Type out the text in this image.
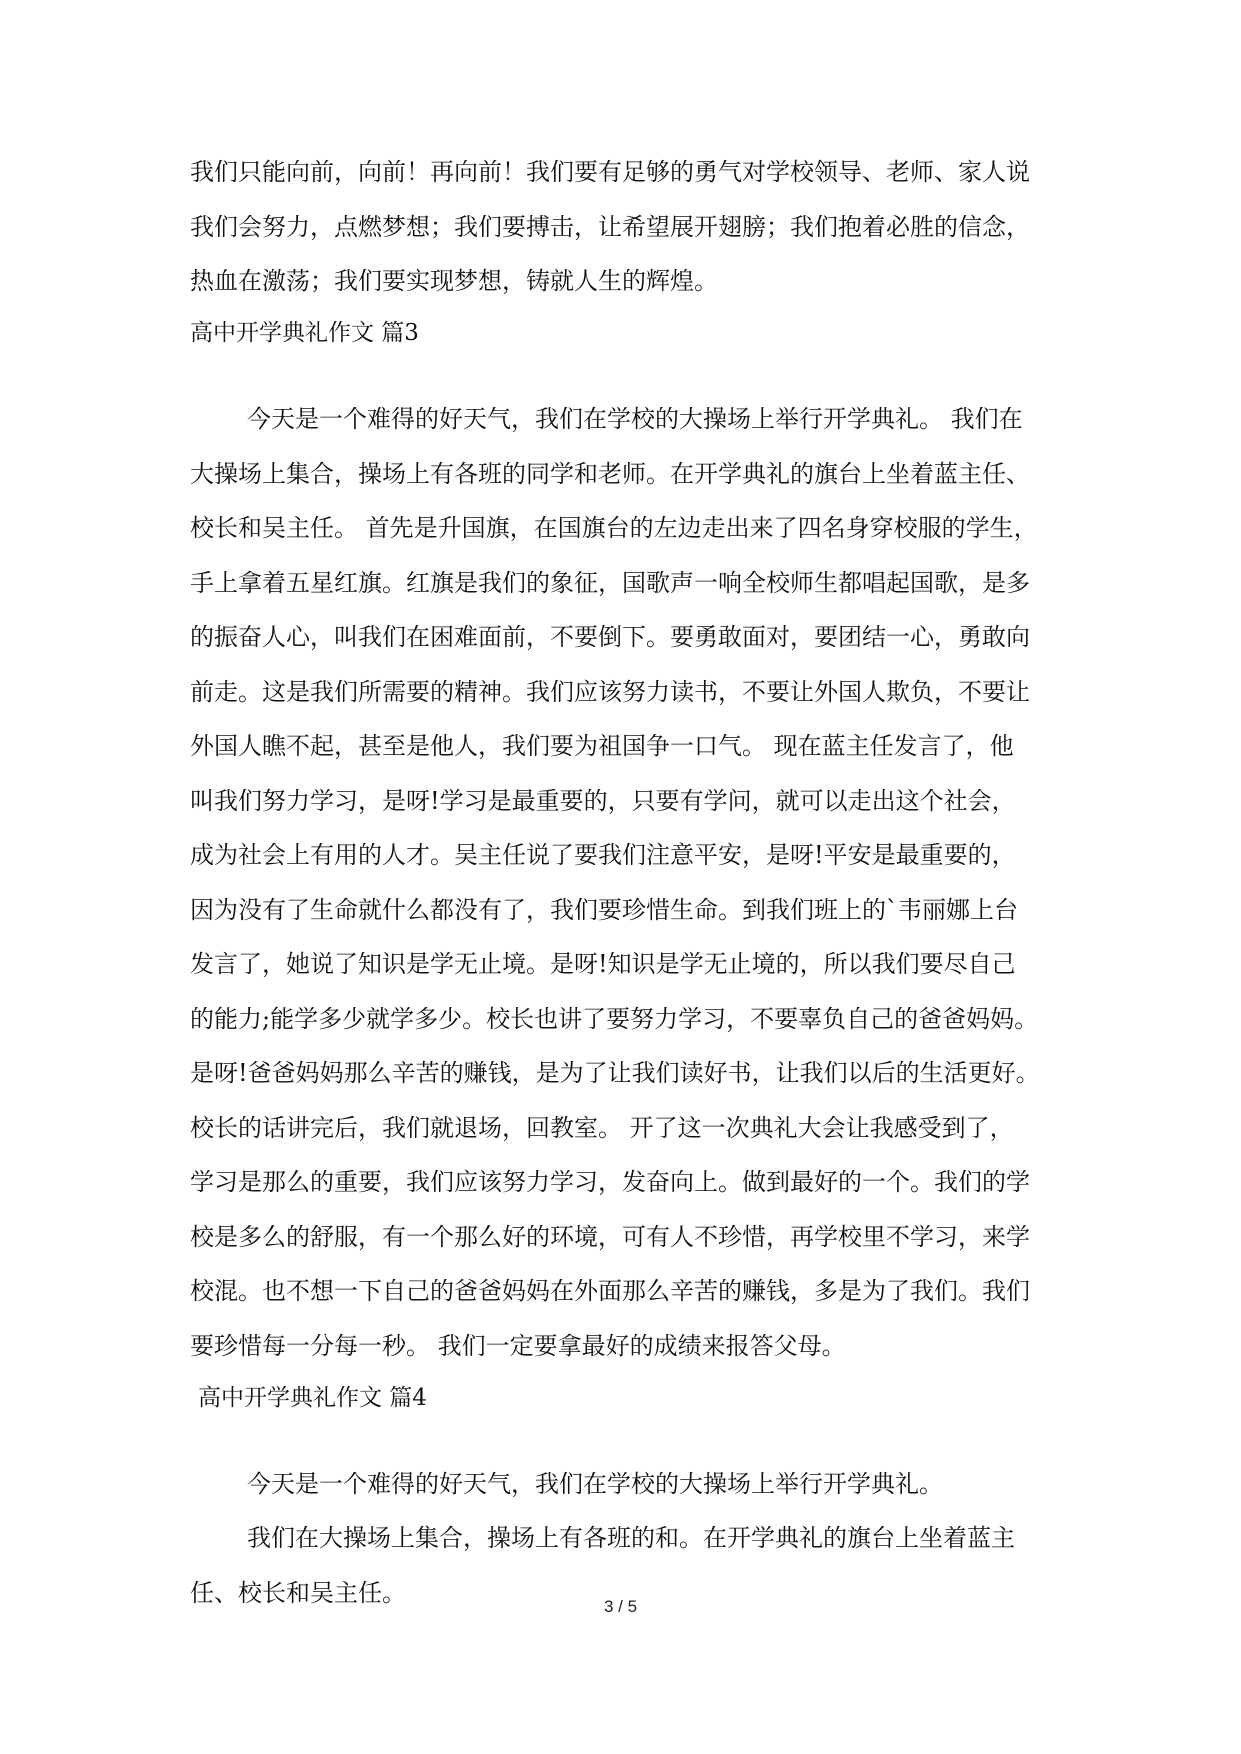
我们只能向前，向前！再向前！我们要有足够的勇气对学校领导、老师、家人说

我们会努力，点燃梦想；我们要搏击，让希望展开翅膀；我们抱着必胜的信念，

热血在激荡；我们要实现梦想，铸就人生的辉煌。

高中开学典礼作文 篇3

今天是一个难得的好天气，我们在学校的大操场上举行开学典礼。 我们在

大操场上集合，操场上有各班的同学和老师。在开学典礼的旗台上坐着蓝主任、

校长和吴主任。 首先是升国旗，在国旗台的左边走出来了四名身穿校服的学生，

手上拿着五星红旗。红旗是我们的象征，国歌声一响全校师生都唱起国歌，是多

的振奋人心，叫我们在困难面前，不要倒下。要勇敢面对，要团结一心，勇敢向

前走。这是我们所需要的精神。我们应该努力读书，不要让外国人欺负，不要让

外国人瞧不起，甚至是他人，我们要为祖国争一口气。 现在蓝主任发言了，他

叫我们努力学习，是呀!学习是最重要的，只要有学问，就可以走出这个社会，

成为社会上有用的人才。吴主任说了要我们注意平安，是呀!平安是最重要的，

因为没有了生命就什么都没有了，我们要珍惜生命。到我们班上的`韦丽娜上台

发言了，她说了知识是学无止境。是呀!知识是学无止境的，所以我们要尽自己

的能力;能学多少就学多少。校长也讲了要努力学习，不要辜负自己的爸爸妈妈。

是呀!爸爸妈妈那么辛苦的赚钱，是为了让我们读好书，让我们以后的生活更好。

校长的话讲完后，我们就退场，回教室。 开了这一次典礼大会让我感受到了，

学习是那么的重要，我们应该努力学习，发奋向上。做到最好的一个。我们的学

校是多么的舒服，有一个那么好的环境，可有人不珍惜，再学校里不学习，来学

校混。也不想一下自己的爸爸妈妈在外面那么辛苦的赚钱，多是为了我们。我们

要珍惜每一分每一秒。 我们一定要拿最好的成绩来报答父母。

高中开学典礼作文 篇4

今天是一个难得的好天气，我们在学校的大操场上举行开学典礼。

我们在大操场上集合，操场上有各班的和。在开学典礼的旗台上坐着蓝主

任、校长和吴主任。	3 / 5
